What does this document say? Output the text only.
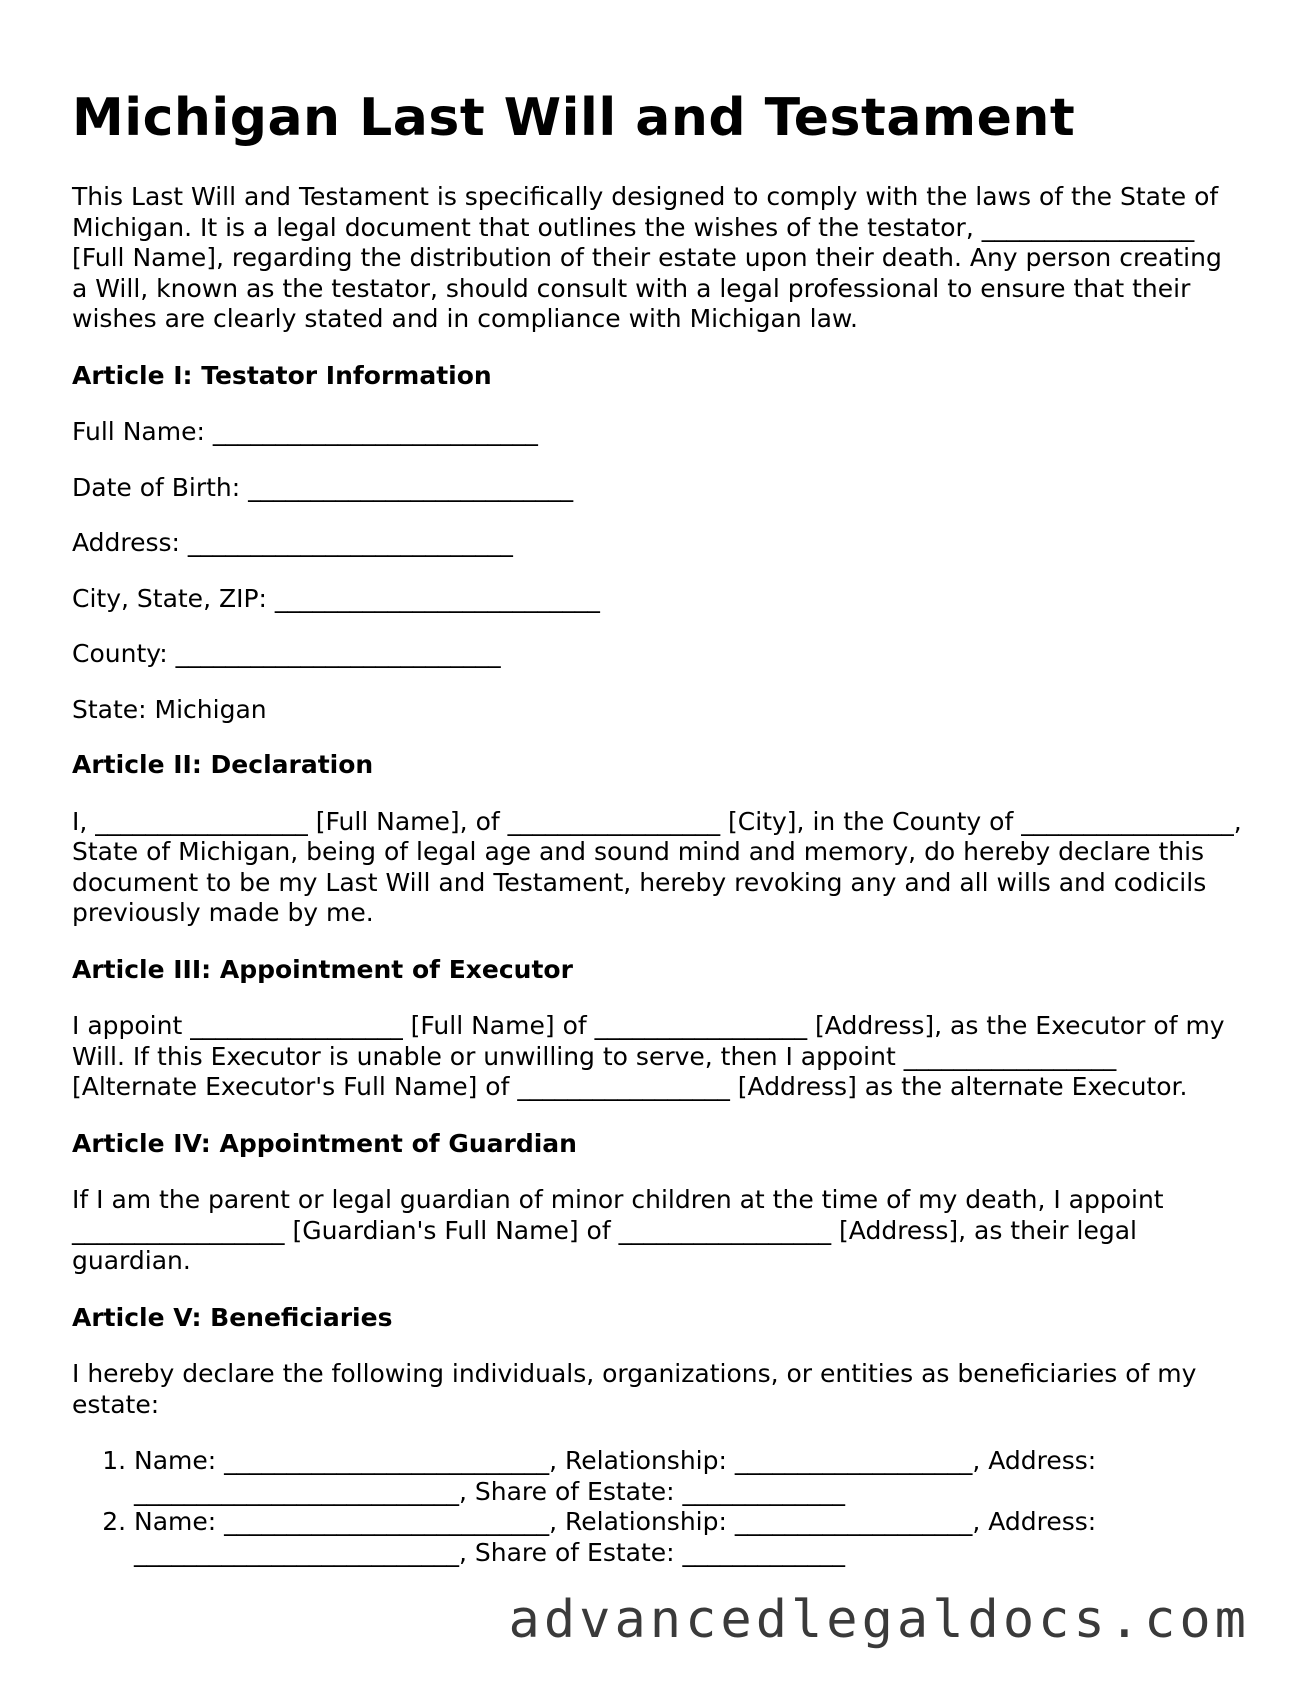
Michigan Last Will and Testament

This Last Will and Testament is specifically designed to comply with the laws of the State of Michigan. It is a legal document that outlines the wishes of the testator, _________________ [Full Name], regarding the distribution of their estate upon their death. Any person creating a Will, known as the testator, should consult with a legal professional to ensure that their wishes are clearly stated and in compliance with Michigan law.

Article I: Testator Information

Full Name: __________________________

Date of Birth: __________________________

Address: __________________________

City, State, ZIP: __________________________

County: __________________________

State: Michigan

Article II: Declaration

I, _________________ [Full Name], of _________________ [City], in the County of _________________, State of Michigan, being of legal age and sound mind and memory, do hereby declare this document to be my Last Will and Testament, hereby revoking any and all wills and codicils previously made by me.

Article III: Appointment of Executor

I appoint _________________ [Full Name] of _________________ [Address], as the Executor of my Will. If this Executor is unable or unwilling to serve, then I appoint _________________ [Alternate Executor's Full Name] of _________________ [Address] as the alternate Executor.

Article IV: Appointment of Guardian

If I am the parent or legal guardian of minor children at the time of my death, I appoint _________________ [Guardian's Full Name] of _________________ [Address], as their legal guardian.

Article V: Beneficiaries

I hereby declare the following individuals, organizations, or entities as beneficiaries of my estate:

1. Name: __________________________, Relationship: ___________________, Address: __________________________, Share of Estate: _____________
2. Name: __________________________, Relationship: ___________________, Address: __________________________, Share of Estate: _____________
advancedlegaldocs.com
